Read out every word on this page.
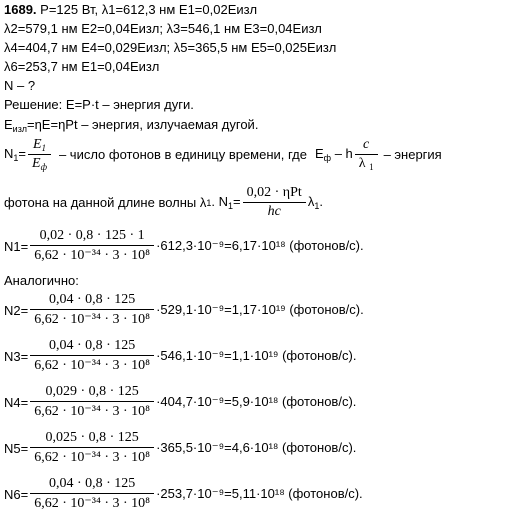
1689. P=125 Вт, λ1=612,3 нм E1=0,02Eизл
λ2=579,1 нм E2=0,04Eизл; λ3=546,1 нм E3=0,04Eизл
λ4=404,7 нм E4=0,029Eизл; λ5=365,5 нм E5=0,025Eизл
λ6=253,7 нм E1=0,04Eизл
N – ?
Решение: E=P·t – энергия дуги.
$E_{изл}=\eta E=\eta Pt$ – энергия, излучаемая дугой.
$N_1= \frac{E_1}{E_ф}$ – число фотонов в единицу времени, где $E_ф$ – h $\frac{c}{\lambda _1}$ – энергия
фотона на данной длине волны λ 1 . $N_1= \frac{\text{0,02 · ηPt}}{hc} \lambda_1$.
$N1= \frac{0,02 \cdot 0,8 \cdot 125 \cdot 1}{\text{6,62 · 10⁻³⁴ · 3 · 10⁸}} \cdot 612,3\cdot 10^{-9}=6,17\cdot 10^{18}$ (фотонов/с).
$N2= \frac{0,04 \cdot 0,8 \cdot 125}{\text{6,62 · 10⁻³⁴ · 3 · 10⁸}} \cdot 529,1\cdot 10^{-9}=1,17\cdot 10^{19}$ (фотонов/с).
$N3= \frac{0,04 \cdot 0,8 \cdot 125}{\text{6,62 · 10⁻³⁴ · 3 · 10⁸}} \cdot 546,1\cdot 10^{-9}=1,1\cdot 10^{19}$ (фотонов/с).
$N4= \frac{0,029 \cdot 0,8 \cdot 125}{\text{6,62 · 10⁻³⁴ · 3 · 10⁸}} \cdot 404,7\cdot 10^{-9}=5,9\cdot 10^{18}$ (фотонов/с).
$N5= \frac{0,025 \cdot 0,8 \cdot 125}{\text{6,62 · 10⁻³⁴ · 3 · 10⁸}} \cdot 365,5\cdot 10^{-9}=4,6\cdot 10^{18}$ (фотонов/с).
$N6= \frac{0,04 \cdot 0,8 \cdot 125}{\text{6,62 · 10⁻³⁴ · 3 · 10⁸}} \cdot 253,7\cdot 10^{-9}=5,11\cdot 10^{18}$ (фотонов/с).
Аналогично:
